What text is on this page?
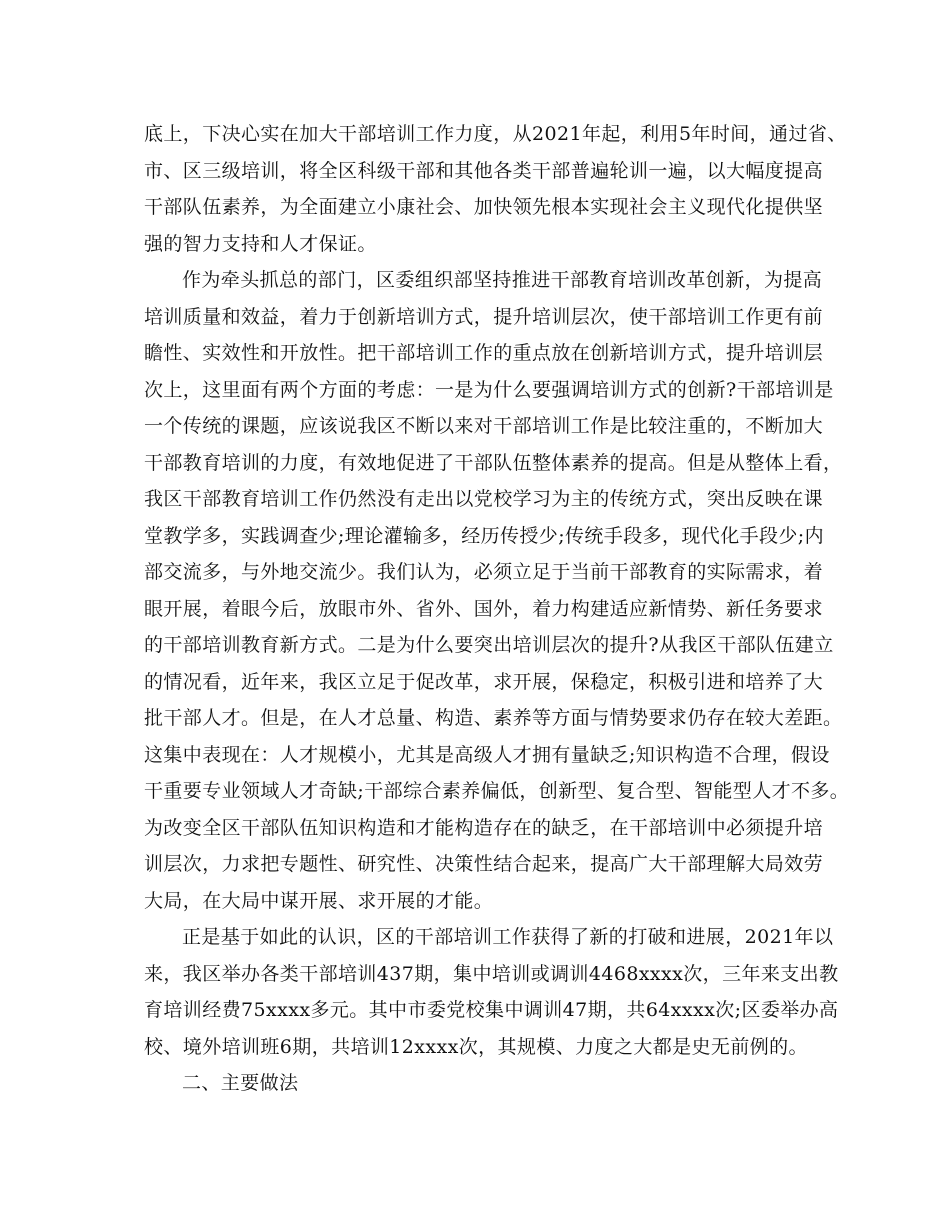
底上，下决心实在加大干部培训工作力度，从2021年起，利用5年时间，通过省、
市、区三级培训，将全区科级干部和其他各类干部普遍轮训一遍，以大幅度提高
干部队伍素养，为全面建立小康社会、加快领先根本实现社会主义现代化提供坚
强的智力支持和人才保证。
作为牵头抓总的部门，区委组织部坚持推进干部教育培训改革创新，为提高
培训质量和效益，着力于创新培训方式，提升培训层次，使干部培训工作更有前
瞻性、实效性和开放性。把干部培训工作的重点放在创新培训方式，提升培训层
次上，这里面有两个方面的考虑：一是为什么要强调培训方式的创新?干部培训是
一个传统的课题，应该说我区不断以来对干部培训工作是比较注重的，不断加大
干部教育培训的力度，有效地促进了干部队伍整体素养的提高。但是从整体上看，
我区干部教育培训工作仍然没有走出以党校学习为主的传统方式，突出反映在课
堂教学多，实践调查少;理论灌输多，经历传授少;传统手段多，现代化手段少;内
部交流多，与外地交流少。我们认为，必须立足于当前干部教育的实际需求，着
眼开展，着眼今后，放眼市外、省外、国外，着力构建适应新情势、新任务要求
的干部培训教育新方式。二是为什么要突出培训层次的提升?从我区干部队伍建立
的情况看，近年来，我区立足于促改革，求开展，保稳定，积极引进和培养了大
批干部人才。但是，在人才总量、构造、素养等方面与情势要求仍存在较大差距。
这集中表现在：人才规模小，尤其是高级人才拥有量缺乏;知识构造不合理，假设
干重要专业领域人才奇缺;干部综合素养偏低，创新型、复合型、智能型人才不多。
为改变全区干部队伍知识构造和才能构造存在的缺乏，在干部培训中必须提升培
训层次，力求把专题性、研究性、决策性结合起来，提高广大干部理解大局效劳
大局，在大局中谋开展、求开展的才能。
正是基于如此的认识，区的干部培训工作获得了新的打破和进展，2021年以
来，我区举办各类干部培训437期，集中培训或调训4468xxxx次，三年来支出教
育培训经费75xxxx多元。其中市委党校集中调训47期，共64xxxx次;区委举办高
校、境外培训班6期，共培训12xxxx次，其规模、力度之大都是史无前例的。
二、主要做法
